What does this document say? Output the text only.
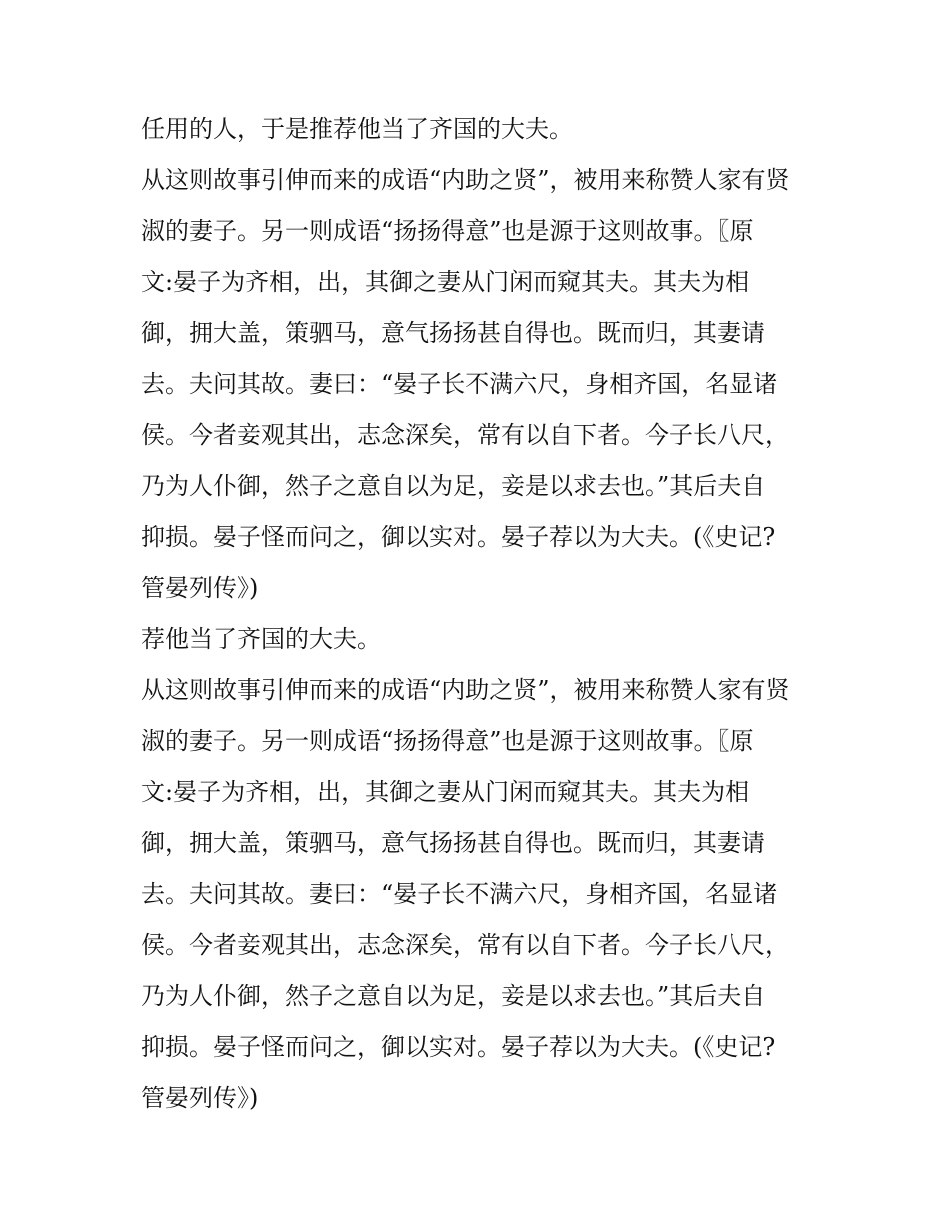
任用的人，于是推荐他当了齐国的大夫。
从这则故事引伸而来的成语“内助之贤”，被用来称赞人家有贤
淑的妻子。另一则成语“扬扬得意”也是源于这则故事。〖原
文:晏子为齐相，出，其御之妻从门闲而窥其夫。其夫为相
御，拥大盖，策驷马，意气扬扬甚自得也。既而归，其妻请
去。夫问其故。妻曰：“晏子长不满六尺，身相齐国，名显诸
侯。今者妾观其出，志念深矣，常有以自下者。今子长八尺，
乃为人仆御，然子之意自以为足，妾是以求去也。”其后夫自
抑损。晏子怪而问之，御以实对。晏子荐以为大夫。(《史记?
管晏列传》)
荐他当了齐国的大夫。
从这则故事引伸而来的成语“内助之贤”，被用来称赞人家有贤
淑的妻子。另一则成语“扬扬得意”也是源于这则故事。〖原
文:晏子为齐相，出，其御之妻从门闲而窥其夫。其夫为相
御，拥大盖，策驷马，意气扬扬甚自得也。既而归，其妻请
去。夫问其故。妻曰：“晏子长不满六尺，身相齐国，名显诸
侯。今者妾观其出，志念深矣，常有以自下者。今子长八尺，
乃为人仆御，然子之意自以为足，妾是以求去也。”其后夫自
抑损。晏子怪而问之，御以实对。晏子荐以为大夫。(《史记?
管晏列传》)
